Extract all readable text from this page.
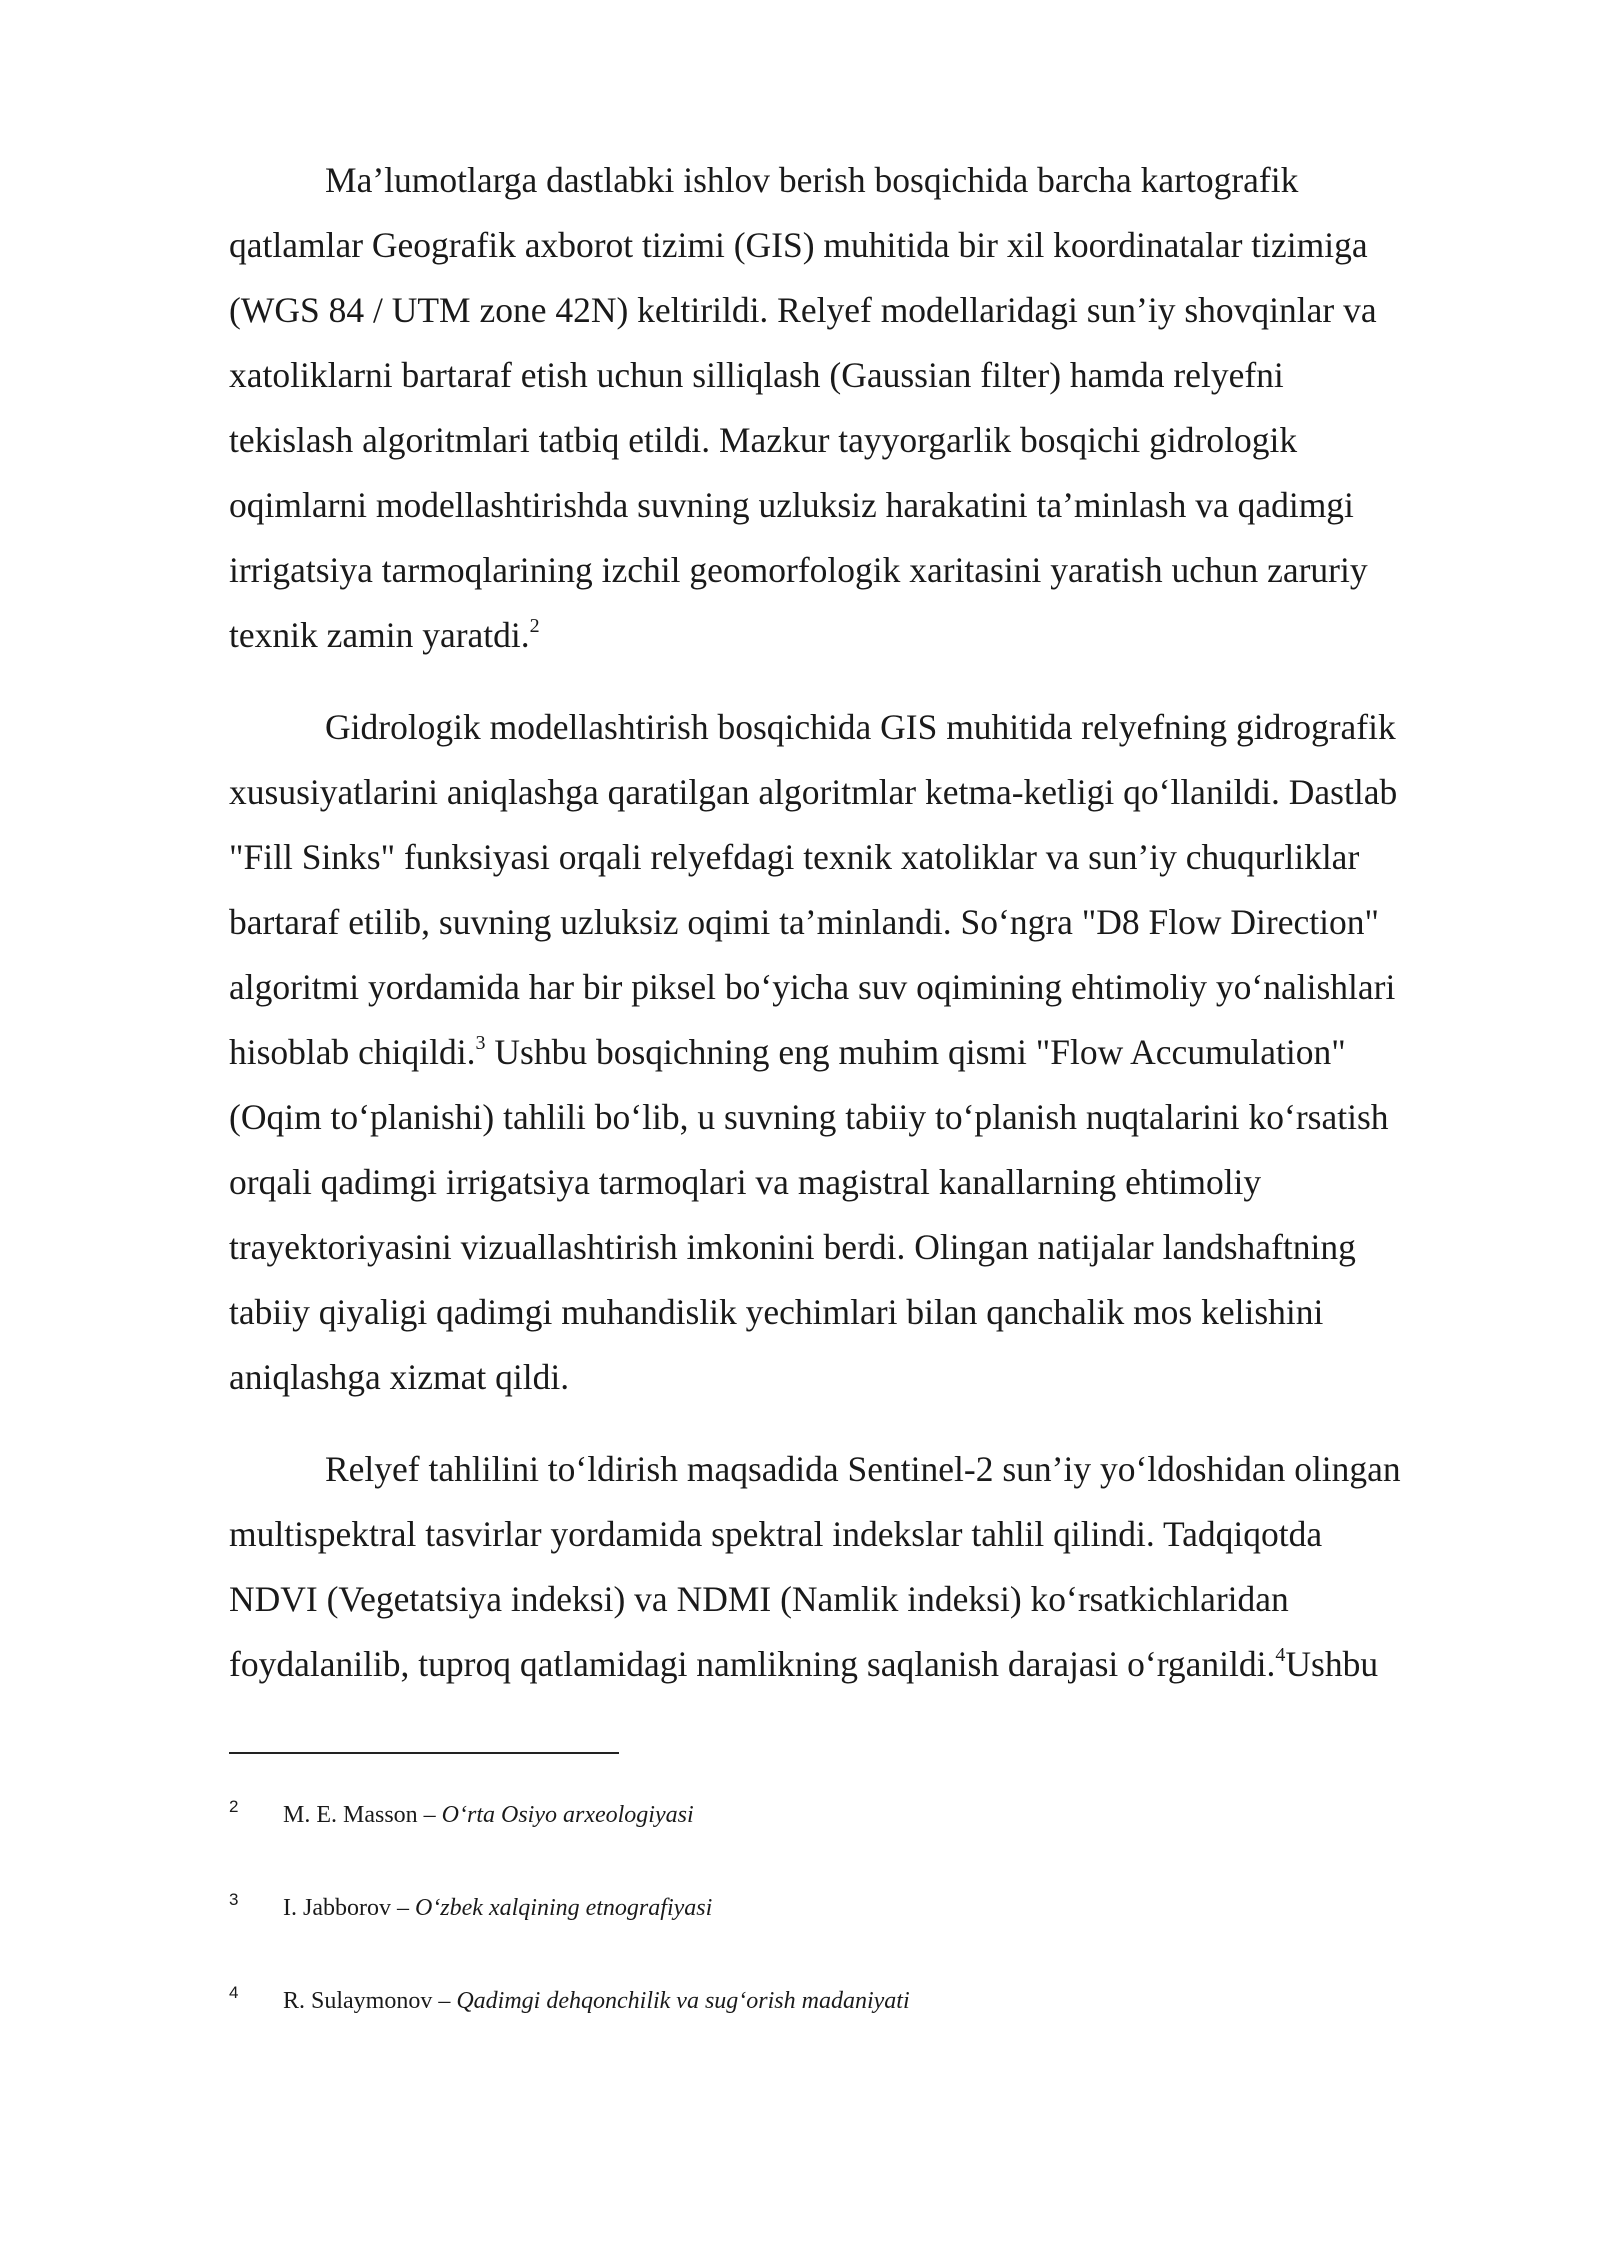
Ma’lumotlarga dastlabki ishlov berish bosqichida barcha kartografik
qatlamlar Geografik axborot tizimi (GIS) muhitida bir xil koordinatalar tizimiga
(WGS 84 / UTM zone 42N) keltirildi. Relyef modellaridagi sun’iy shovqinlar va
xatoliklarni bartaraf etish uchun silliqlash (Gaussian filter) hamda relyefni
tekislash algoritmlari tatbiq etildi. Mazkur tayyorgarlik bosqichi gidrologik
oqimlarni modellashtirishda suvning uzluksiz harakatini ta’minlash va qadimgi
irrigatsiya tarmoqlarining izchil geomorfologik xaritasini yaratish uchun zaruriy
texnik zamin yaratdi.$^2$

Gidrologik modellashtirish bosqichida GIS muhitida relyefning gidrografik
xususiyatlarini aniqlashga qaratilgan algoritmlar ketma-ketligi qo‘llanildi. Dastlab
"Fill Sinks" funksiyasi orqali relyefdagi texnik xatoliklar va sun’iy chuqurliklar
bartaraf etilib, suvning uzluksiz oqimi ta’minlandi. So‘ngra "D8 Flow Direction"
algoritmi yordamida har bir piksel bo‘yicha suv oqimining ehtimoliy yo‘nalishlari
hisoblab chiqildi.$^3$ Ushbu bosqichning eng muhim qismi "Flow Accumulation"
(Oqim to‘planishi) tahlili bo‘lib, u suvning tabiiy to‘planish nuqtalarini ko‘rsatish
orqali qadimgi irrigatsiya tarmoqlari va magistral kanallarning ehtimoliy
trayektoriyasini vizuallashtirish imkonini berdi. Olingan natijalar landshaftning
tabiiy qiyaligi qadimgi muhandislik yechimlari bilan qanchalik mos kelishini
aniqlashga xizmat qildi.

Relyef tahlilini to‘ldirish maqsadida Sentinel-2 sun’iy yo‘ldoshidan olingan
multispektral tasvirlar yordamida spektral indekslar tahlil qilindi. Tadqiqotda
NDVI (Vegetatsiya indeksi) va NDMI (Namlik indeksi) ko‘rsatkichlaridan
foydalanilib, tuproq qatlamidagi namlikning saqlanish darajasi o‘rganildi.$^4$Ushbu

2 M. E. Masson – O‘rta Osiyo arxeologiyasi
3 I. Jabborov – O‘zbek xalqining etnografiyasi
4 R. Sulaymonov – Qadimgi dehqonchilik va sug‘orish madaniyati
